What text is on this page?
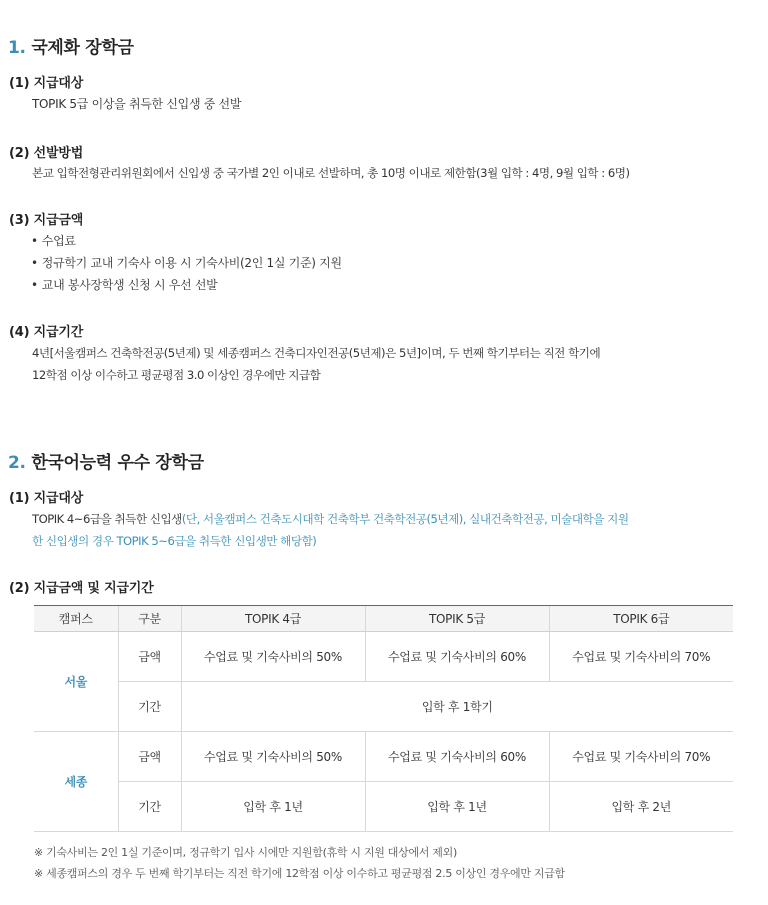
1. 국제화 장학금
(1) 지급대상

TOPIK 5급 이상을 취득한 신입생 중 선발

(2) 선발방법

본교 입학전형관리위원회에서 신입생 중 국가별 2인 이내로 선발하며, 총 10명 이내로 제한함(3월 입학 : 4명, 9월 입학 : 6명)

(3) 지급금액
• 수업료
• 정규학기 교내 기숙사 이용 시 기숙사비(2인 1실 기준) 지원
• 교내 봉사장학생 신청 시 우선 선발
(4) 지급기간

4년[서울캠퍼스 건축학전공(5년제) 및 세종캠퍼스 건축디자인전공(5년제)은 5년]이며, 두 번째 학기부터는 직전 학기에
12학점 이상 이수하고 평균평점 3.0 이상인 경우에만 지급함

2. 한국어능력 우수 장학금
(1) 지급대상

TOPIK 4~6급을 취득한 신입생(단, 서울캠퍼스 건축도시대학 건축학부 건축학전공(5년제), 실내건축학전공, 미술대학을 지원
한 신입생의 경우 TOPIK 5~6급을 취득한 신입생만 해당함)

(2) 지급금액 및 지급기간
캠퍼스	구분	TOPIK 4급	TOPIK 5급	TOPIK 6급
서울	금액	수업료 및 기숙사비의 50%	수업료 및 기숙사비의 60%	수업료 및 기숙사비의 70%
	기간	입학 후 1학기		
세종	금액	수업료 및 기숙사비의 50%	수업료 및 기숙사비의 60%	수업료 및 기숙사비의 70%
	기간	입학 후 1년	입학 후 1년	입학 후 2년

※ 기숙사비는 2인 1실 기준이며, 정규학기 입사 시에만 지원함(휴학 시 지원 대상에서 제외)

※ 세종캠퍼스의 경우 두 번째 학기부터는 직전 학기에 12학점 이상 이수하고 평균평점 2.5 이상인 경우에만 지급함
